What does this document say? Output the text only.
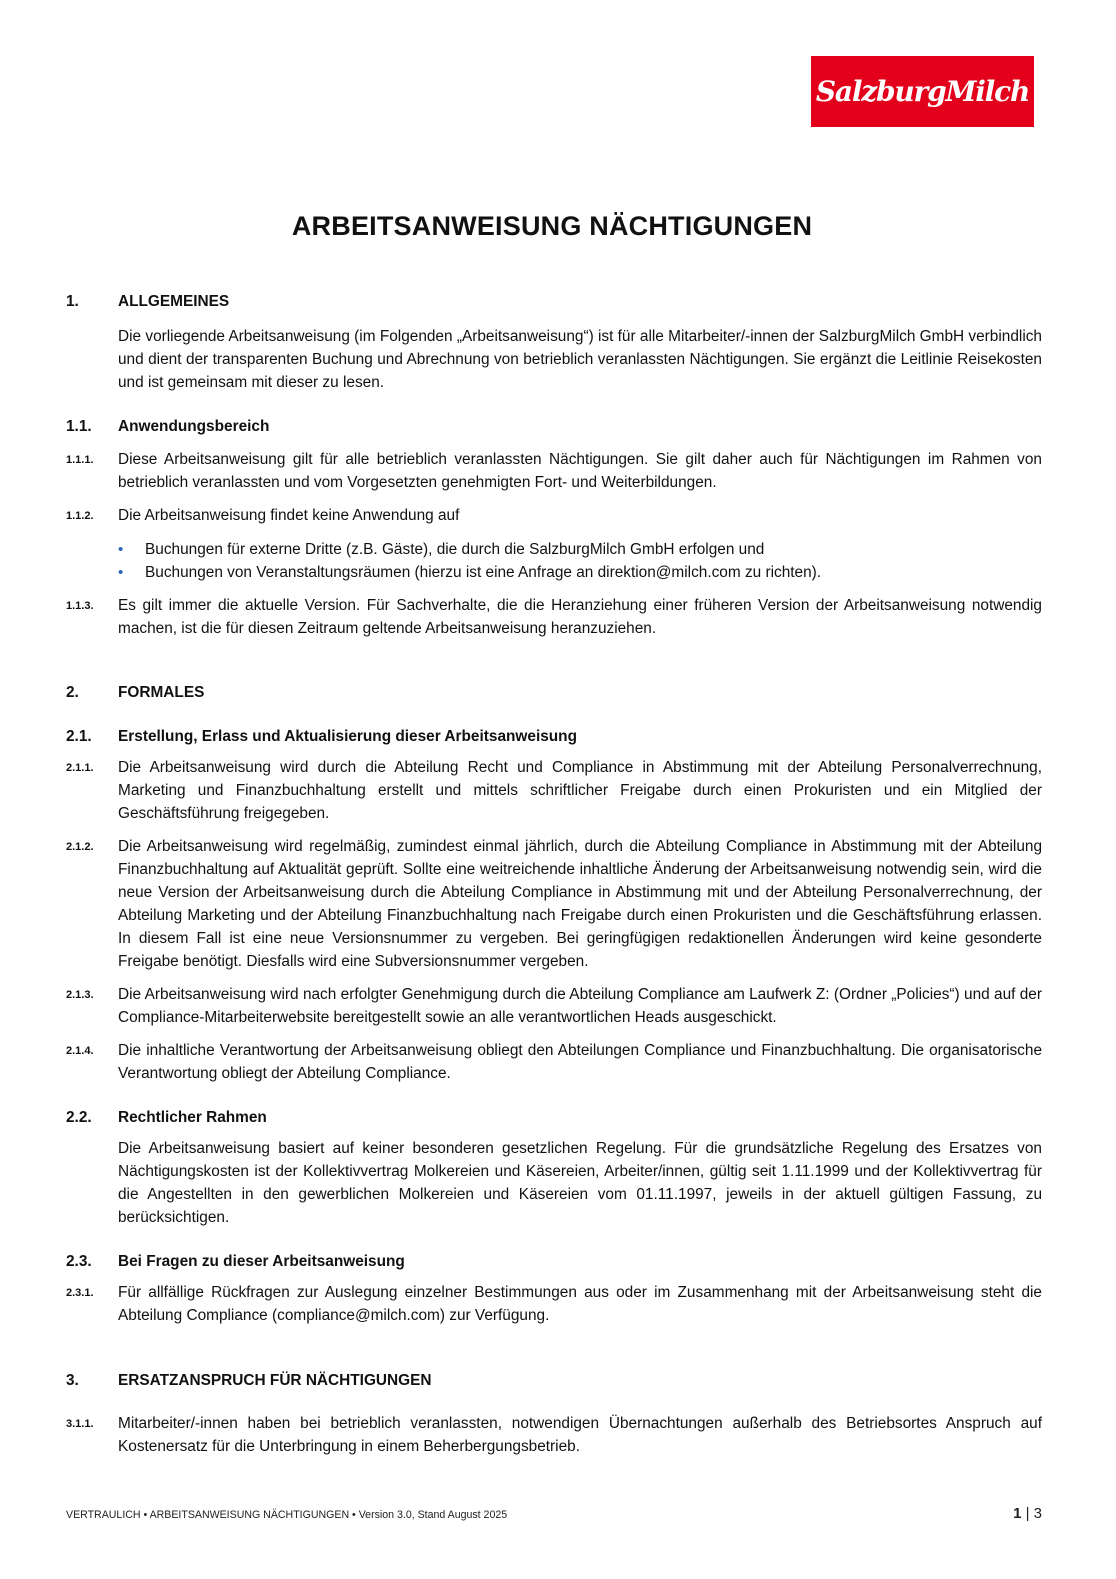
SalzburgMilch
ARBEITSANWEISUNG NÄCHTIGUNGEN
1.	ALLGEMEINES
Die vorliegende Arbeitsanweisung (im Folgenden „Arbeitsanweisung“) ist für alle Mitarbeiter/-innen der SalzburgMilch GmbH verbindlich und dient der transparenten Buchung und Abrechnung von betrieblich veranlassten Nächtigungen. Sie ergänzt die Leitlinie Reisekosten und ist gemeinsam mit dieser zu lesen.
1.1. Anwendungsbereich
1.1.1. Diese Arbeitsanweisung gilt für alle betrieblich veranlassten Nächtigungen. Sie gilt daher auch für Nächtigungen im Rahmen von betrieblich veranlassten und vom Vorgesetzten genehmigten Fort- und Weiterbildungen.
1.1.2. Die Arbeitsanweisung findet keine Anwendung auf
• Buchungen für externe Dritte (z.B. Gäste), die durch die SalzburgMilch GmbH erfolgen und
• Buchungen von Veranstaltungsräumen (hierzu ist eine Anfrage an direktion@milch.com zu richten).
1.1.3. Es gilt immer die aktuelle Version. Für Sachverhalte, die die Heranziehung einer früheren Version der Arbeitsanweisung notwendig machen, ist die für diesen Zeitraum geltende Arbeitsanweisung heranzuziehen.
2.	FORMALES
2.1. Erstellung, Erlass und Aktualisierung dieser Arbeitsanweisung
2.1.1. Die Arbeitsanweisung wird durch die Abteilung Recht und Compliance in Abstimmung mit der Abteilung Personalverrechnung, Marketing und Finanzbuchhaltung erstellt und mittels schriftlicher Freigabe durch einen Prokuristen und ein Mitglied der Geschäftsführung freigegeben.
2.1.2. Die Arbeitsanweisung wird regelmäßig, zumindest einmal jährlich, durch die Abteilung Compliance in Abstimmung mit der Abteilung Finanzbuchhaltung auf Aktualität geprüft. Sollte eine weitreichende inhaltliche Änderung der Arbeitsanweisung notwendig sein, wird die neue Version der Arbeitsanweisung durch die Abteilung Compliance in Abstimmung mit und der Abteilung Personalverrechnung, der Abteilung Marketing und der Abteilung Finanzbuchhaltung nach Freigabe durch einen Prokuristen und die Geschäftsführung erlassen. In diesem Fall ist eine neue Versionsnummer zu vergeben. Bei geringfügigen redaktionellen Änderungen wird keine gesonderte Freigabe benötigt. Diesfalls wird eine Subversionsnummer vergeben.
2.1.3. Die Arbeitsanweisung wird nach erfolgter Genehmigung durch die Abteilung Compliance am Laufwerk Z: (Ordner „Policies“) und auf der Compliance-Mitarbeiterwebsite bereitgestellt sowie an alle verantwortlichen Heads ausgeschickt.
2.1.4. Die inhaltliche Verantwortung der Arbeitsanweisung obliegt den Abteilungen Compliance und Finanzbuchhaltung. Die organisatorische Verantwortung obliegt der Abteilung Compliance.
2.2. Rechtlicher Rahmen
Die Arbeitsanweisung basiert auf keiner besonderen gesetzlichen Regelung. Für die grundsätzliche Regelung des Ersatzes von Nächtigungskosten ist der Kollektivvertrag Molkereien und Käsereien, Arbeiter/innen, gültig seit 1.11.1999 und der Kollektivvertrag für die Angestellten in den gewerblichen Molkereien und Käsereien vom 01.11.1997, jeweils in der aktuell gültigen Fassung, zu berücksichtigen.
2.3. Bei Fragen zu dieser Arbeitsanweisung
2.3.1. Für allfällige Rückfragen zur Auslegung einzelner Bestimmungen aus oder im Zusammenhang mit der Arbeitsanweisung steht die Abteilung Compliance (compliance@milch.com) zur Verfügung.
3.	ERSATZANSPRUCH FÜR NÄCHTIGUNGEN
3.1.1. Mitarbeiter/-innen haben bei betrieblich veranlassten, notwendigen Übernachtungen außerhalb des Betriebsortes Anspruch auf Kostenersatz für die Unterbringung in einem Beherbergungsbetrieb.
VERTRAULICH • ARBEITSANWEISUNG NÄCHTIGUNGEN • Version 3.0, Stand August 2025	1 | 3
